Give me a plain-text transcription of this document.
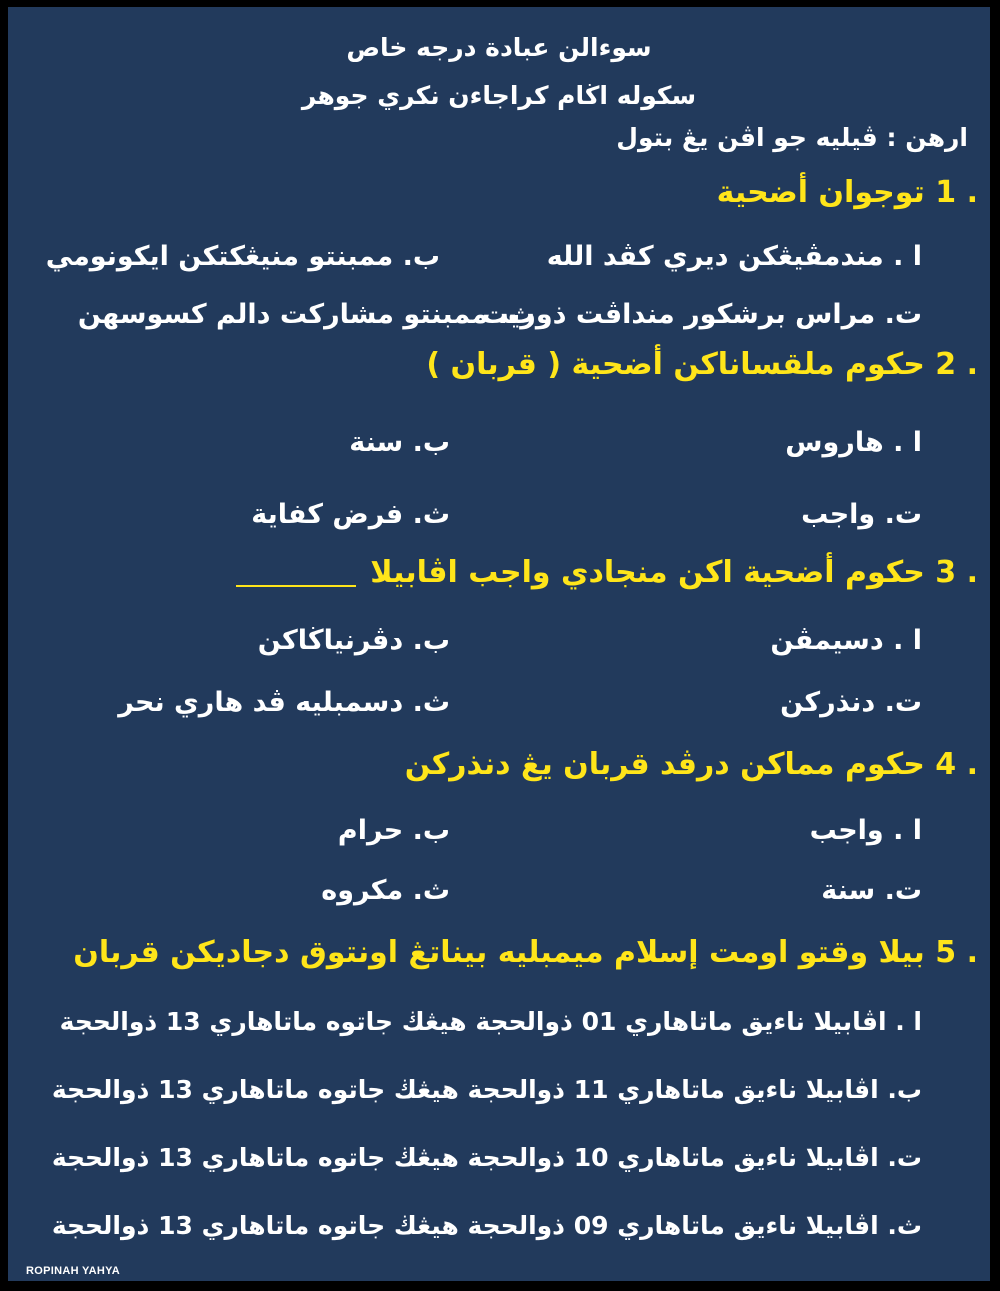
سوءالن عبادة درجه خاص
سكوله اڬام كراجاءن نكري جوهر
ارهن : ڤيليه جو اڤن يڠ بتول
1 . توجوان أضحية
ا . مندمڤيڠكن ديري كڤد الله
ب. ممبنتو منيڠكتكن ايكونومي
ت. مراس برشكور منداڤت ذوريت
ث. ممبنتو مشاركت دالم كسوسهن
2 . حكوم ملقساناكن أضحية ( قربان )
ا . هاروس
ب. سنة
ت. واجب
ث. فرض كفاية
3 . حكوم أضحية اكن منجادي واجب اڤابيلا
ا . دسيمڤن
ب. دڤرنياڬاكن
ت. دنذركن
ث. دسمبليه ڤد هاري نحر
4 . حكوم مماكن درڤد قربان يڠ دنذركن
ا . واجب
ب. حرام
ت. سنة
ث. مكروه
5 . بيلا وقتو اومت إسلام ميمبليه بيناتڠ اونتوق دجاديكن قربان
ا . اڤابيلا ناءيق ماتاهاري 01 ذوالحجة هيڠڬ جاتوه ماتاهاري 13 ذوالحجة
ب. اڤابيلا ناءيق ماتاهاري 11 ذوالحجة هيڠڬ جاتوه ماتاهاري 13 ذوالحجة
ت. اڤابيلا ناءيق ماتاهاري 10 ذوالحجة هيڠڬ جاتوه ماتاهاري 13 ذوالحجة
ث. اڤابيلا ناءيق ماتاهاري 09 ذوالحجة هيڠڬ جاتوه ماتاهاري 13 ذوالحجة
ROPINAH YAHYA
